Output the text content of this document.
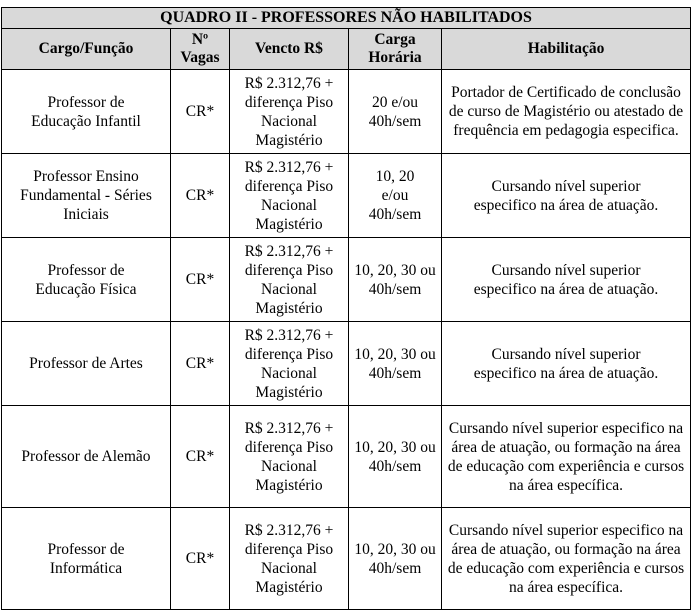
QUADRO II - PROFESSORES NÃO HABILITADOS				
Cargo/Função	Nº Vagas	Vencto R$	Carga Horária	Habilitação
Professor de Educação Infantil	CR*	R$ 2.312,76 + diferença Piso Nacional Magistério	20 e/ou 40h/sem	Portador de Certificado de conclusão de curso de Magistério ou atestado de frequência em pedagogia especifica.
Professor Ensino Fundamental - Séries Iniciais	CR*	R$ 2.312,76 + diferença Piso Nacional Magistério	10, 20 e/ou 40h/sem	Cursando nível superior especifico na área de atuação.
Professor de Educação Física	CR*	R$ 2.312,76 + diferença Piso Nacional Magistério	10, 20, 30 ou 40h/sem	Cursando nível superior especifico na área de atuação.
Professor de Artes	CR*	R$ 2.312,76 + diferença Piso Nacional Magistério	10, 20, 30 ou 40h/sem	Cursando nível superior especifico na área de atuação.
Professor de Alemão	CR*	R$ 2.312,76 + diferença Piso Nacional Magistério	10, 20, 30 ou 40h/sem	Cursando nível superior especifico na área de atuação, ou formação na área de educação com experiência e cursos na área específica.
Professor de Informática	CR*	R$ 2.312,76 + diferença Piso Nacional Magistério	10, 20, 30 ou 40h/sem	Cursando nível superior especifico na área de atuação, ou formação na área de educação com experiência e cursos na área específica.
